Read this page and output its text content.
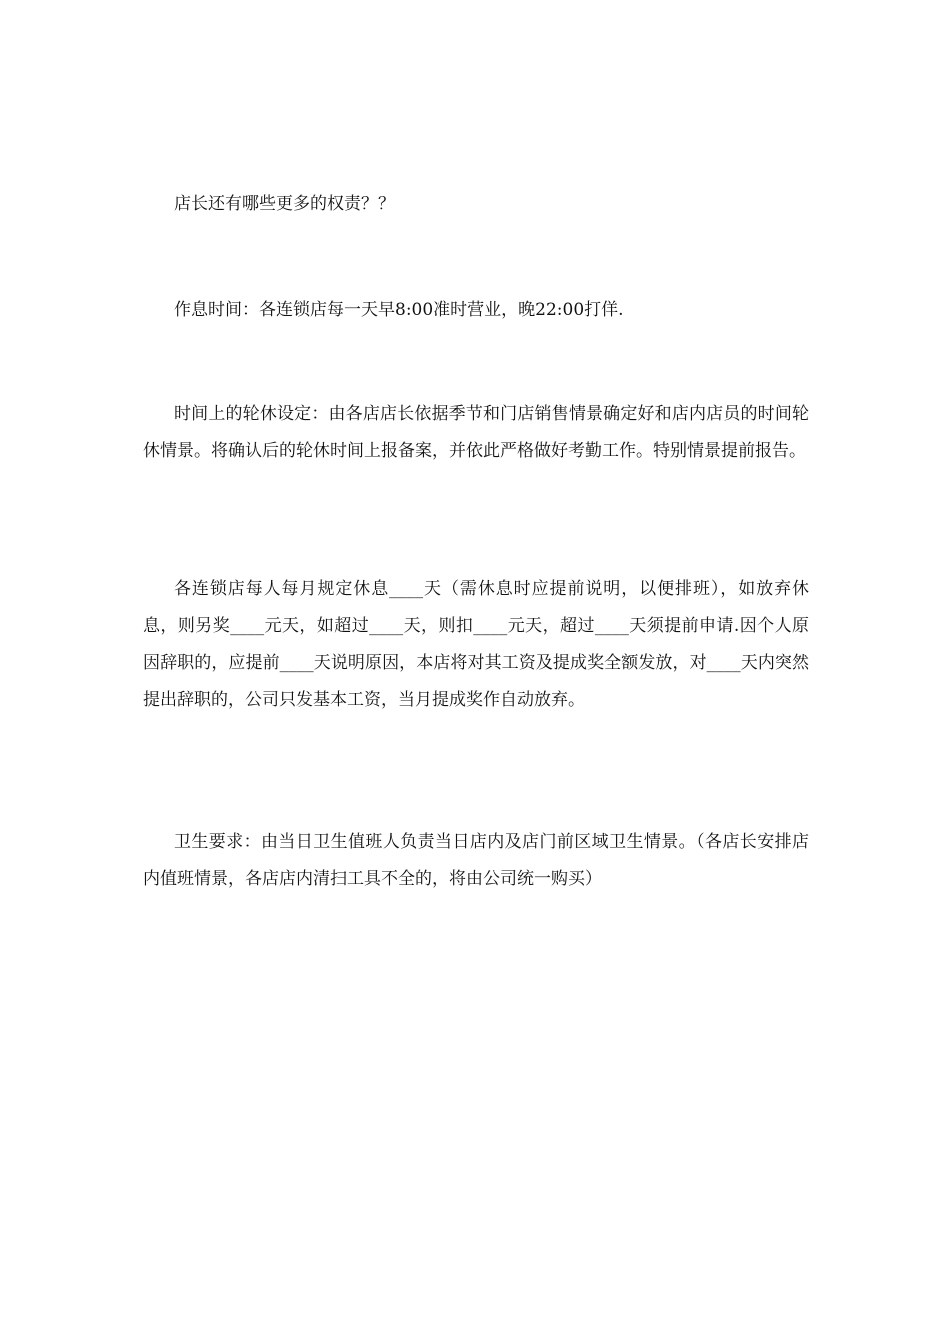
店长还有哪些更多的权责？？

作息时间：各连锁店每一天早8:00准时营业，晚22:00打佯.

时间上的轮休设定：由各店店长依据季节和门店销售情景确定好和店内店员的时间轮休情景。将确认后的轮休时间上报备案，并依此严格做好考勤工作。特别情景提前报告。

各连锁店每人每月规定休息____天（需休息时应提前说明，以便排班），如放弃休息，则另奖____元天，如超过____天，则扣____元天，超过____天须提前申请.因个人原因辞职的，应提前____天说明原因，本店将对其工资及提成奖全额发放，对____天内突然提出辞职的，公司只发基本工资，当月提成奖作自动放弃。

卫生要求：由当日卫生值班人负责当日店内及店门前区域卫生情景。（各店长安排店内值班情景，各店店内清扫工具不全的，将由公司统一购买）
